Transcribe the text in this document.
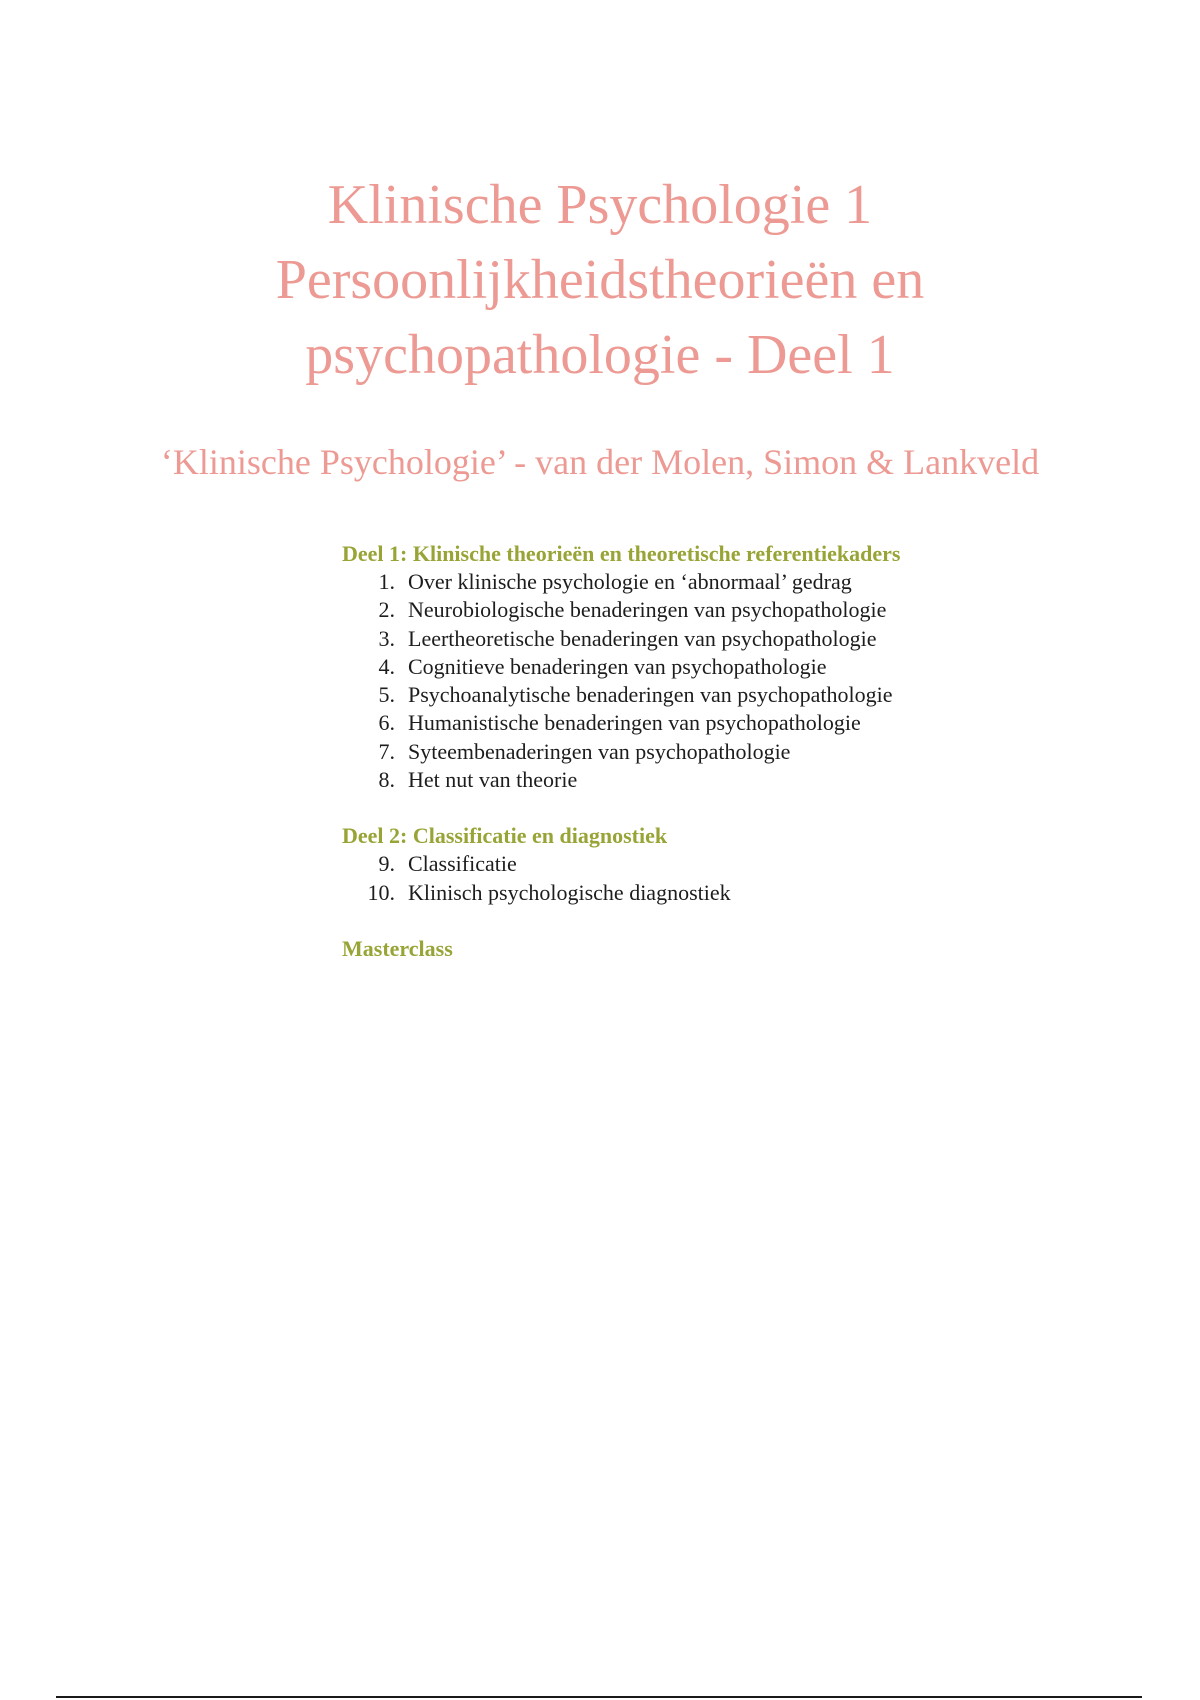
Klinische Psychologie 1
Persoonlijkheidstheorieën en
psychopathologie - Deel 1
‘Klinische Psychologie’ - van der Molen, Simon & Lankveld
Deel 1: Klinische theorieën en theoretische referentiekaders
1. Over klinische psychologie en ‘abnormaal’ gedrag
2. Neurobiologische benaderingen van psychopathologie
3. Leertheoretische benaderingen van psychopathologie
4. Cognitieve benaderingen van psychopathologie
5. Psychoanalytische benaderingen van psychopathologie
6. Humanistische benaderingen van psychopathologie
7. Syteembenaderingen van psychopathologie
8. Het nut van theorie
Deel 2: Classificatie en diagnostiek
9. Classificatie
10. Klinisch psychologische diagnostiek
Masterclass
